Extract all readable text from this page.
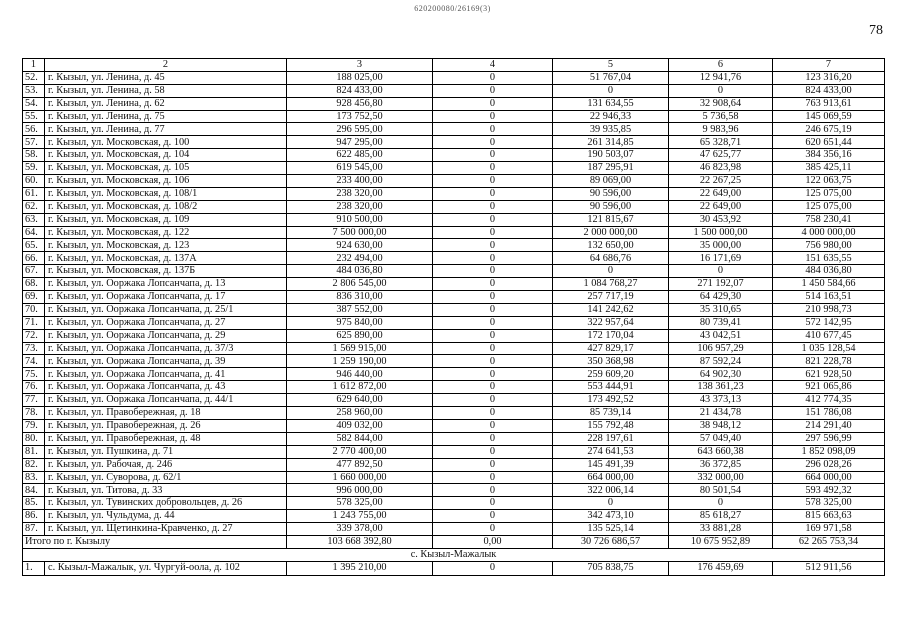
620200080/26169(3)
78
1	2	3	4	5	6	7
52.	г. Кызыл, ул. Ленина, д. 45	188 025,00	0	51 767,04	12 941,76	123 316,20
53.	г. Кызыл, ул. Ленина, д. 58	824 433,00	0	0	0	824 433,00
54.	г. Кызыл, ул. Ленина, д. 62	928 456,80	0	131 634,55	32 908,64	763 913,61
55.	г. Кызыл, ул. Ленина, д. 75	173 752,50	0	22 946,33	5 736,58	145 069,59
56.	г. Кызыл, ул. Ленина, д. 77	296 595,00	0	39 935,85	9 983,96	246 675,19
57.	г. Кызыл, ул. Московская, д. 100	947 295,00	0	261 314,85	65 328,71	620 651,44
58.	г. Кызыл, ул. Московская, д. 104	622 485,00	0	190 503,07	47 625,77	384 356,16
59.	г. Кызыл, ул. Московская, д. 105	619 545,00	0	187 295,91	46 823,98	385 425,11
60.	г. Кызыл, ул. Московская, д. 106	233 400,00	0	89 069,00	22 267,25	122 063,75
61.	г. Кызыл, ул. Московская, д. 108/1	238 320,00	0	90 596,00	22 649,00	125 075,00
62.	г. Кызыл, ул. Московская, д. 108/2	238 320,00	0	90 596,00	22 649,00	125 075,00
63.	г. Кызыл, ул. Московская, д. 109	910 500,00	0	121 815,67	30 453,92	758 230,41
64.	г. Кызыл, ул. Московская, д. 122	7 500 000,00	0	2 000 000,00	1 500 000,00	4 000 000,00
65.	г. Кызыл, ул. Московская, д. 123	924 630,00	0	132 650,00	35 000,00	756 980,00
66.	г. Кызыл, ул. Московская, д. 137А	232 494,00	0	64 686,76	16 171,69	151 635,55
67.	г. Кызыл, ул. Московская, д. 137Б	484 036,80	0	0	0	484 036,80
68.	г. Кызыл, ул. Ооржака Лопсанчапа, д. 13	2 806 545,00	0	1 084 768,27	271 192,07	1 450 584,66
69.	г. Кызыл, ул. Ооржака Лопсанчапа, д. 17	836 310,00	0	257 717,19	64 429,30	514 163,51
70.	г. Кызыл, ул. Ооржака Лопсанчапа, д. 25/1	387 552,00	0	141 242,62	35 310,65	210 998,73
71.	г. Кызыл, ул. Ооржака Лопсанчапа, д. 27	975 840,00	0	322 957,64	80 739,41	572 142,95
72.	г. Кызыл, ул. Ооржака Лопсанчапа, д. 29	625 890,00	0	172 170,04	43 042,51	410 677,45
73.	г. Кызыл, ул. Ооржака Лопсанчапа, д. 37/3	1 569 915,00	0	427 829,17	106 957,29	1 035 128,54
74.	г. Кызыл, ул. Ооржака Лопсанчапа, д. 39	1 259 190,00	0	350 368,98	87 592,24	821 228,78
75.	г. Кызыл, ул. Ооржака Лопсанчапа, д. 41	946 440,00	0	259 609,20	64 902,30	621 928,50
76.	г. Кызыл, ул. Ооржака Лопсанчапа, д. 43	1 612 872,00	0	553 444,91	138 361,23	921 065,86
77.	г. Кызыл, ул. Ооржака Лопсанчапа, д. 44/1	629 640,00	0	173 492,52	43 373,13	412 774,35
78.	г. Кызыл, ул. Правобережная, д. 18	258 960,00	0	85 739,14	21 434,78	151 786,08
79.	г. Кызыл, ул. Правобережная, д. 26	409 032,00	0	155 792,48	38 948,12	214 291,40
80.	г. Кызыл, ул. Правобережная, д. 48	582 844,00	0	228 197,61	57 049,40	297 596,99
81.	г. Кызыл, ул. Пушкина, д. 71	2 770 400,00	0	274 641,53	643 660,38	1 852 098,09
82.	г. Кызыл, ул. Рабочая, д. 246	477 892,50	0	145 491,39	36 372,85	296 028,26
83.	г. Кызыл, ул. Суворова, д. 62/1	1 660 000,00	0	664 000,00	332 000,00	664 000,00
84.	г. Кызыл, ул. Титова, д. 33	996 000,00	0	322 006,14	80 501,54	593 492,32
85.	г. Кызыл, ул. Тувинских добровольцев, д. 26	578 325,00	0	0	0	578 325,00
86.	г. Кызыл, ул. Чульдума, д. 44	1 243 755,00	0	342 473,10	85 618,27	815 663,63
87.	г. Кызыл, ул. Щетинкина-Кравченко, д. 27	339 378,00	0	135 525,14	33 881,28	169 971,58
Итого по г. Кызылу		103 668 392,80	0,00	30 726 686,57	10 675 952,89	62 265 753,34
с. Кызыл-Мажалык						
1.	с. Кызыл-Мажалык, ул. Чургуй-оола, д. 102	1 395 210,00	0	705 838,75	176 459,69	512 911,56
